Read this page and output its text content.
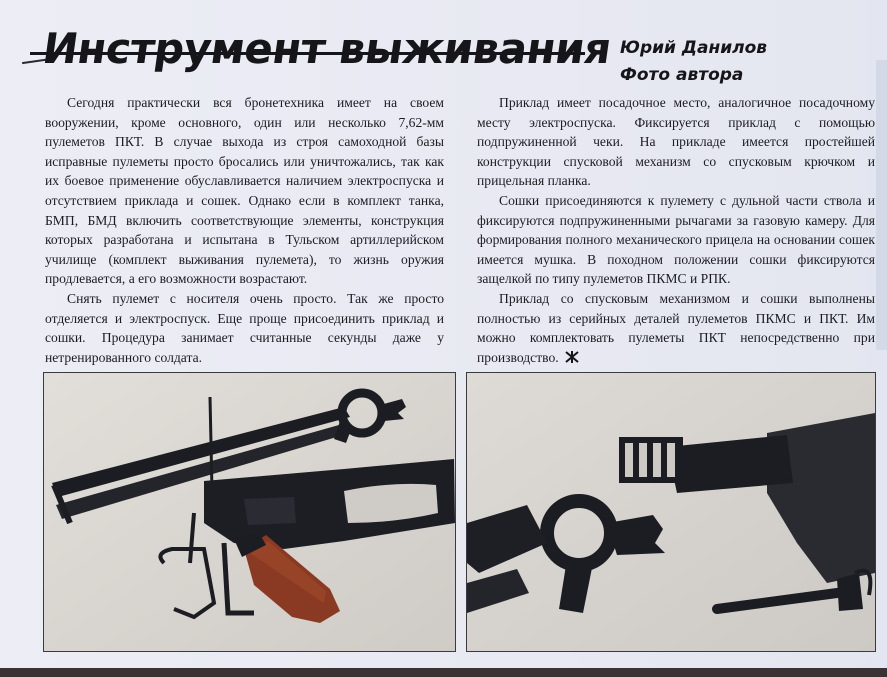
Инструмент выживания Юрий Данилов
Фото автора

Сегодня практически вся бронетехника имеет на своем вооружении, кроме основного, один или несколько 7,62-мм пулеметов ПКТ. В случае выхода из строя самоходной базы исправные пулеметы просто бросались или уничтожались, так как их боевое применение обуславливается наличием электроспуска и отсутствием приклада и сошек. Однако если в комплект танка, БМП, БМД включить соответствующие элементы, конструкция которых разработана и испытана в Тульском артиллерийском училище (комплект выживания пулемета), то жизнь оружия продлевается, а его возможности возрастают.

Снять пулемет с носителя очень просто. Так же просто отделяется и электроспуск. Еще проще присоединить приклад и сошки. Процедура занимает считанные секунды даже у нетренированного солдата.

Приклад имеет посадочное место, аналогичное посадочному месту электроспуска. Фиксируется приклад с помощью подпружиненной чеки. На прикладе имеется простейшей конструкции спусковой механизм со спусковым крючком и прицельная планка.

Сошки присоединяются к пулемету с дульной части ствола и фиксируются подпружиненными рычагами за газовую камеру. Для формирования полного механического прицела на основании сошек имеется мушка. В походном положении сошки фиксируются защелкой по типу пулеметов ПКМС и РПК.

Приклад со спусковым механизмом и сошки выполнены полностью из серийных деталей пулеметов ПКМС и ПКТ. Им можно комплектовать пулеметы ПКТ непосредственно при производство.
